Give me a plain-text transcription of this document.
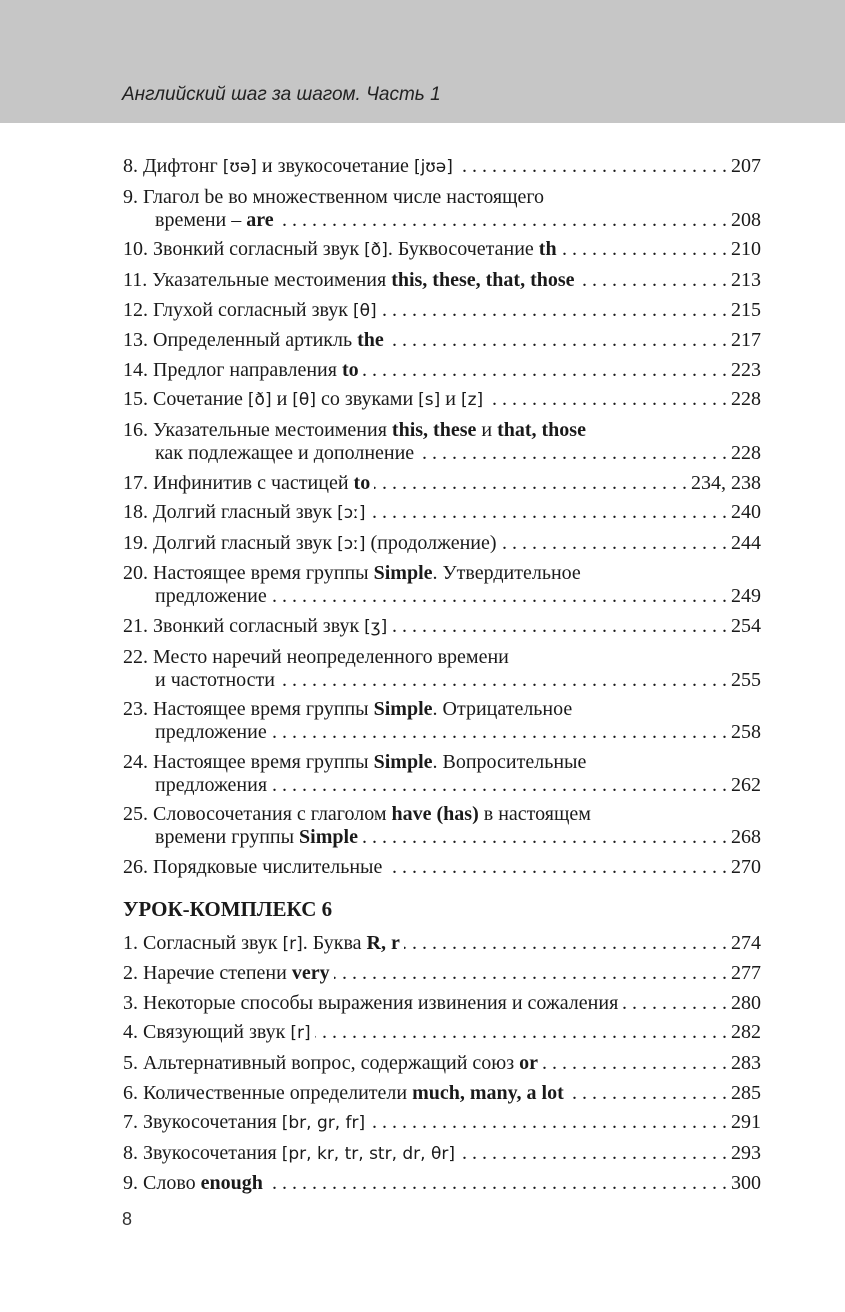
Английский шаг за шагом. Часть 1
8. Дифтонг [ʊə] и звукосочетание [jʊə] . . .	207
9. Глагол be во множественном числе настоящего
времени – are . . .	208
10. Звонкий согласный звук [ð]. Буквосочетание th . . .	210
11. Указательные местоимения this, these, that, those . . .	213
12. Глухой согласный звук [θ] . . .	215
13. Определенный артикль the . . .	217
14. Предлог направления to . . .	223
15. Сочетание [ð] и [θ] со звуками [s] и [z] . . .	228
16. Указательные местоимения this, these и that, those
как подлежащее и дополнение . . .	228
17. Инфинитив с частицей to . . .	234, 238
18. Долгий гласный звук [ɔː] . . .	240
19. Долгий гласный звук [ɔː] (продолжение) . . .	244
20. Настоящее время группы Simple. Утвердительное
предложение . . .	249
21. Звонкий согласный звук [ʒ] . . .	254
22. Место наречий неопределенного времени
и частотности . . .	255
23. Настоящее время группы Simple. Отрицательное
предложение . . .	258
24. Настоящее время группы Simple. Вопросительные
предложения . . .	262
25. Словосочетания с глаголом have (has) в настоящем
времени группы Simple . . .	268
26. Порядковые числительные . . .	270
УРОК-КОМПЛЕКС 6
1. Согласный звук [r]. Буква R, r . . .	274
2. Наречие степени very . . .	277
3. Некоторые способы выражения извинения и сожаления . . .	280
4. Связующий звук [r] . . .	282
5. Альтернативный вопрос, содержащий союз or . . .	283
6. Количественные определители much, many, a lot . . .	285
7. Звукосочетания [br, gr, fr] . . .	291
8. Звукосочетания [pr, kr, tr, str, dr, θr] . . .	293
9. Слово enough . . .	300
8
